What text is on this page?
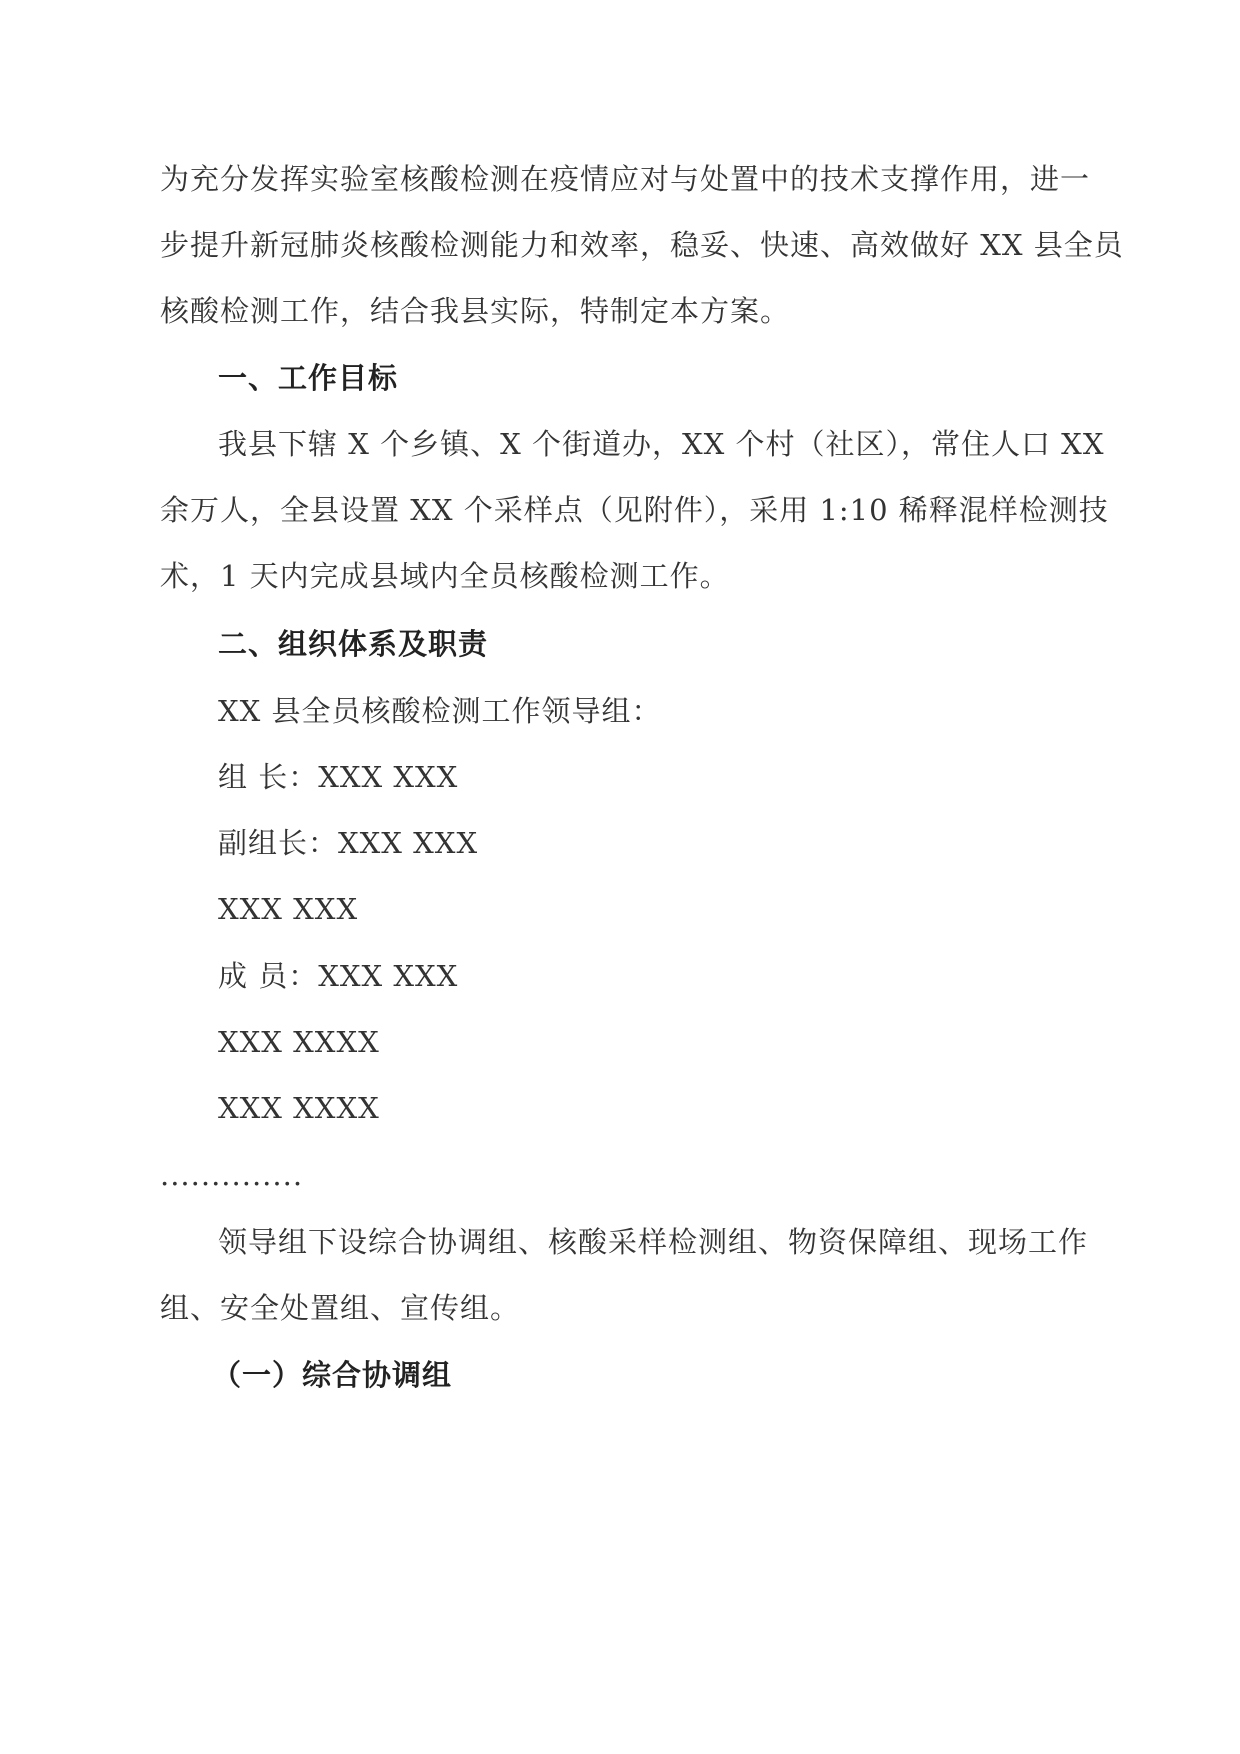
为充分发挥实验室核酸检测在疫情应对与处置中的技术支撑作用，进一
步提升新冠肺炎核酸检测能力和效率，稳妥、快速、高效做好 XX 县全员
核酸检测工作，结合我县实际，特制定本方案。
一、工作目标
我县下辖 X 个乡镇、X 个街道办，XX 个村（社区），常住人口 XX
余万人，全县设置 XX 个采样点（见附件），采用 1:10 稀释混样检测技
术，1 天内完成县域内全员核酸检测工作。
二、组织体系及职责
XX 县全员核酸检测工作领导组：
组 长：XXX XXX
副组长：XXX XXX
XXX XXX
成 员：XXX XXX
XXX XXXX
XXX XXXX
..............
领导组下设综合协调组、核酸采样检测组、物资保障组、现场工作
组、安全处置组、宣传组。
（一）综合协调组
